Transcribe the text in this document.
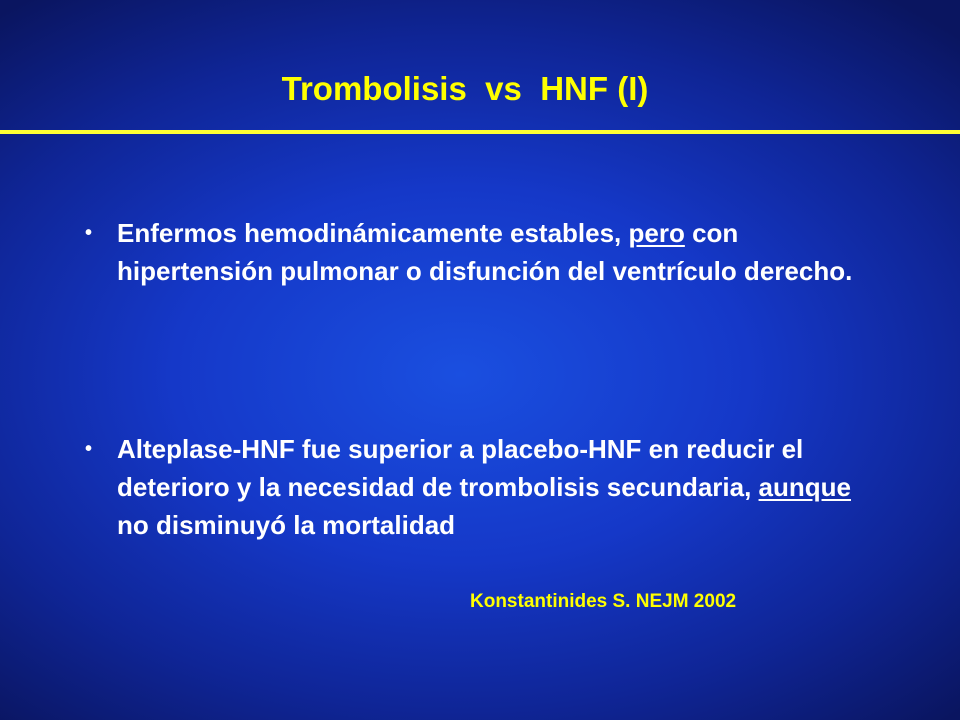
Trombolisis  vs  HNF (I)
• Enfermos hemodinámicamente estables, pero con hipertensión pulmonar o disfunción del ventrículo derecho.
• Alteplase-HNF fue superior a placebo-HNF en reducir el deterioro y la necesidad de trombolisis secundaria, aunque no disminuyó la mortalidad

Konstantinides S. NEJM 2002
